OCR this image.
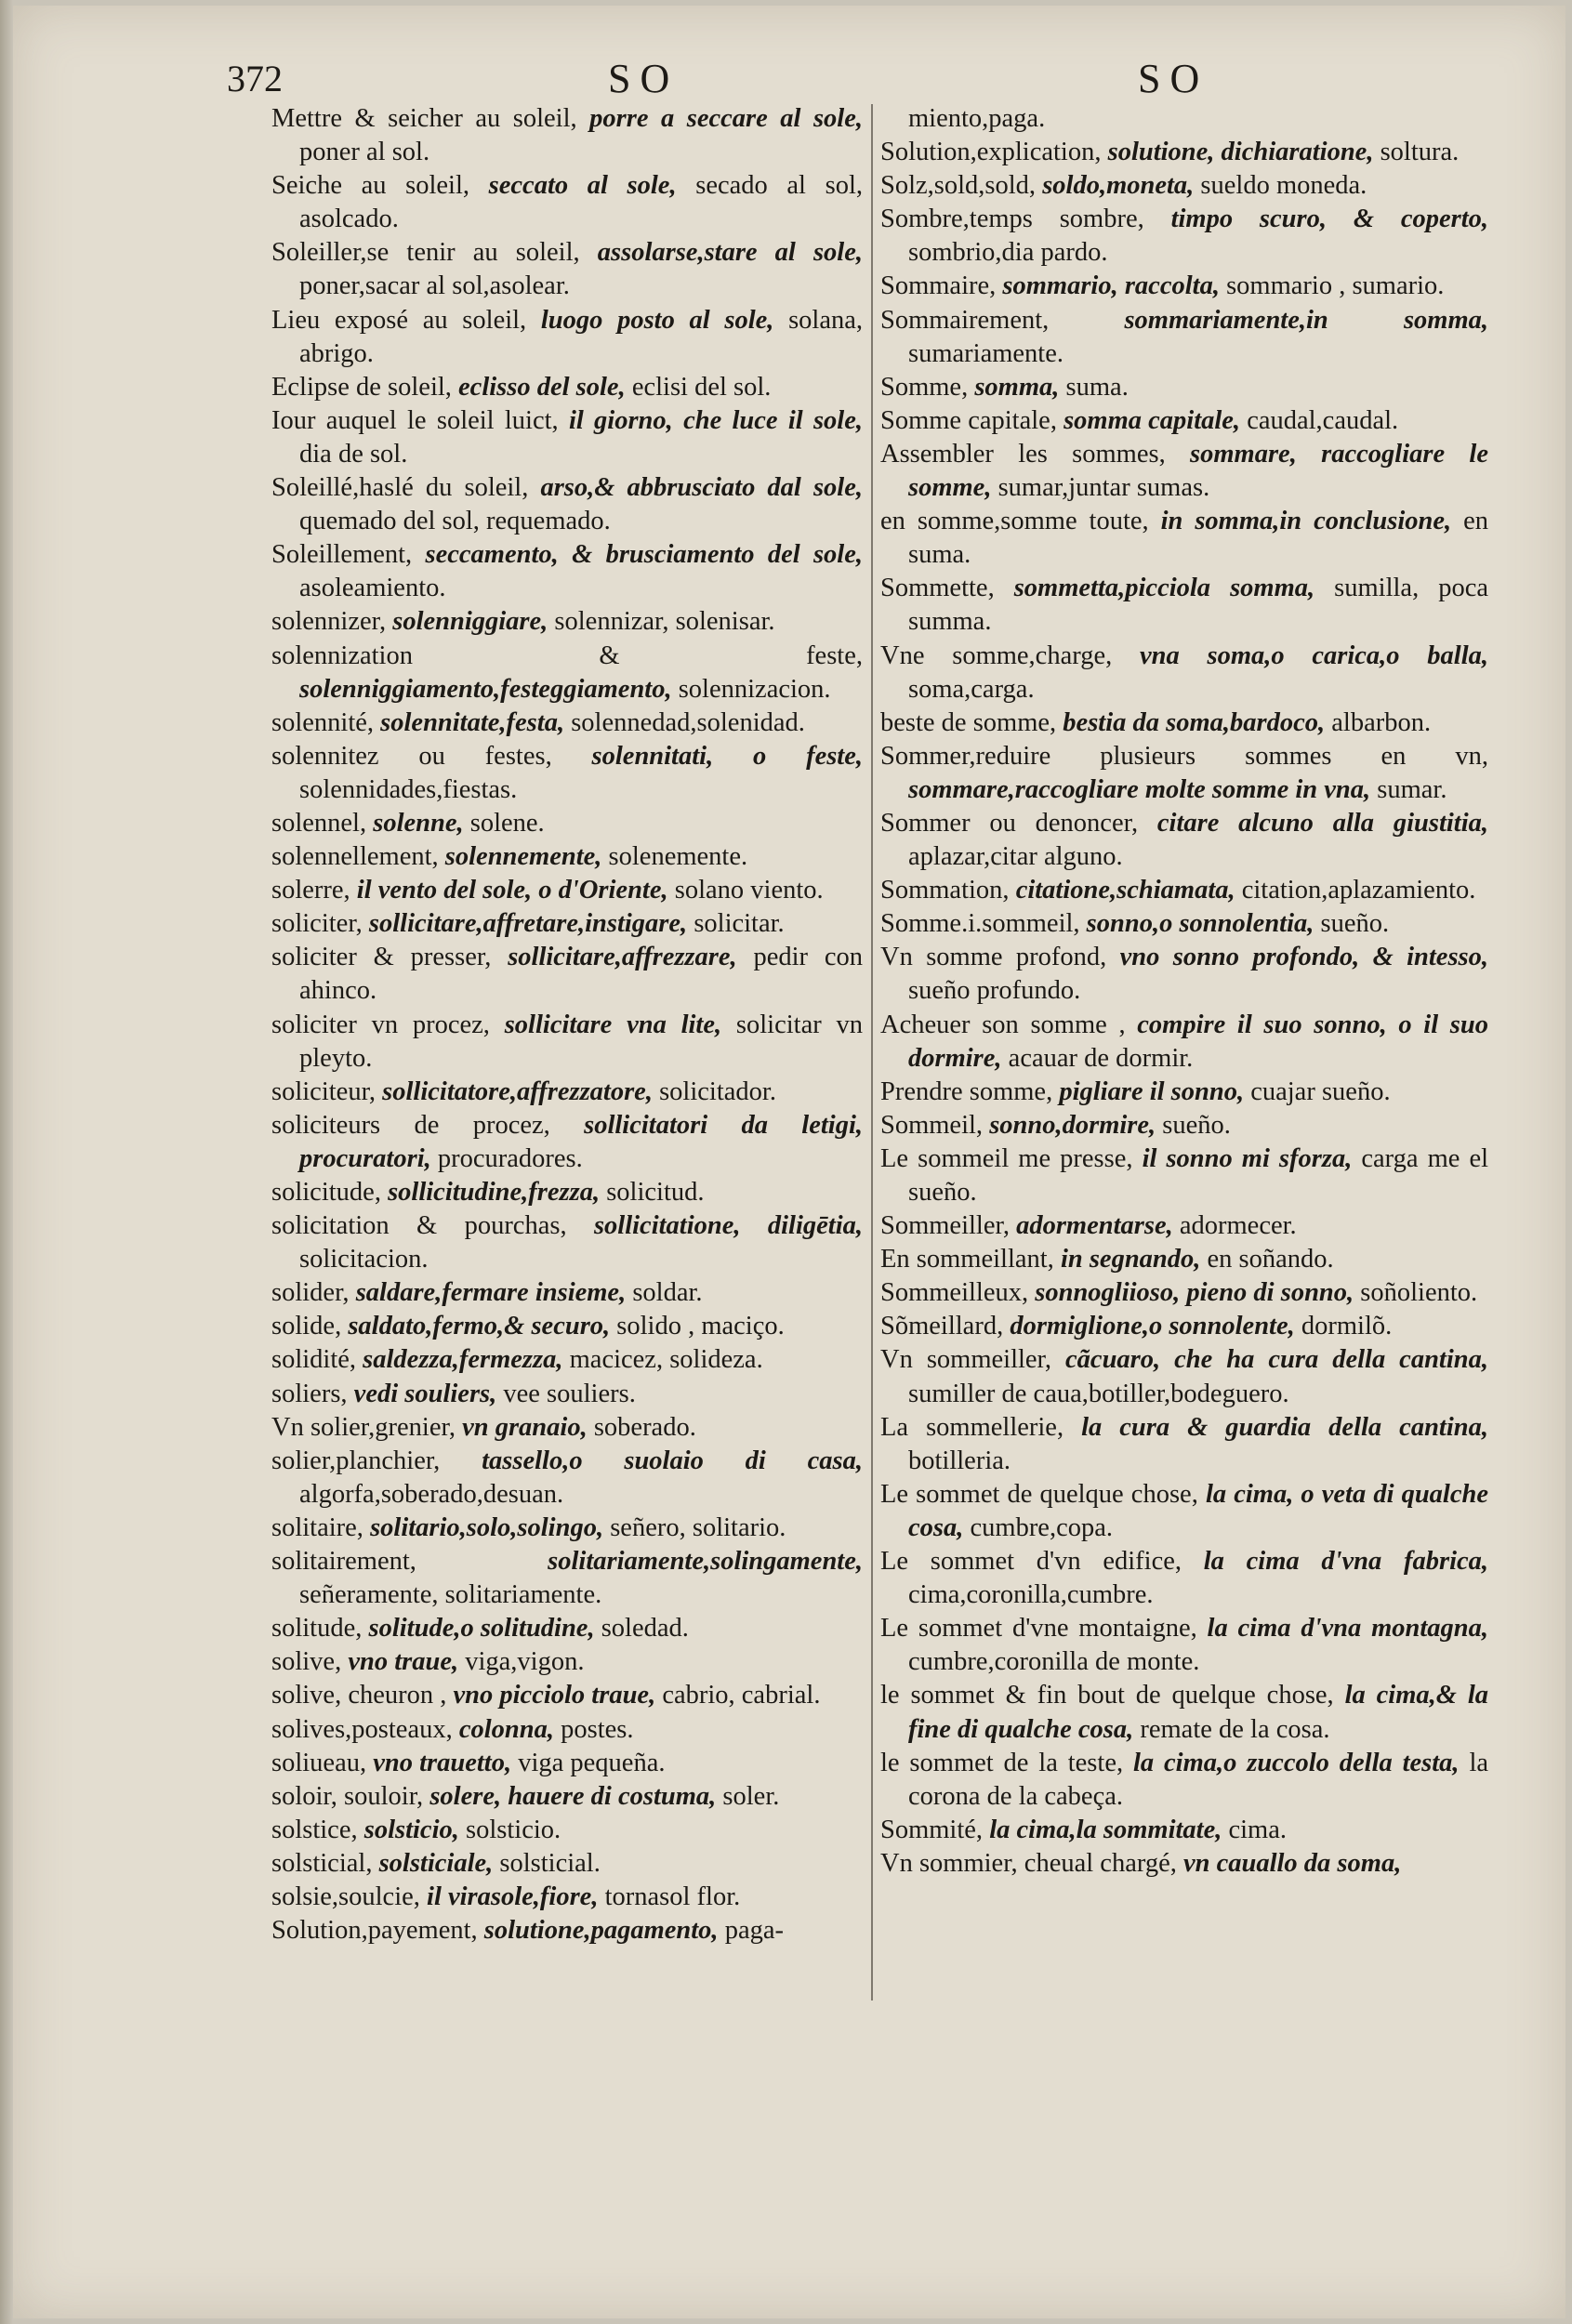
372	SO	SO

Mettre & seicher au soleil, porre a seccare al sole, poner al sol.

Seiche au soleil, seccato al sole, secado al sol, asolcado.

Soleiller,se tenir au soleil, assolarse,stare al sole, poner,sacar al sol,asolear.

Lieu exposé au soleil, luogo posto al sole, solana, abrigo.

Eclipse de soleil, eclisso del sole, eclisi del sol.

Iour auquel le soleil luict, il giorno, che luce il sole, dia de sol.

Soleillé,haslé du soleil, arso,& abbrusciato dal sole, quemado del sol, requemado.

Soleillement, seccamento, & brusciamento del sole, asoleamiento.

solennizer, solenniggiare, solennizar, solenisar.

solennization & feste, solenniggiamento,festeggiamento, solennizacion.

solennité, solennitate,festa, solennedad,solenidad.

solennitez ou festes, solennitati, o feste, solennidades,fiestas.

solennel, solenne, solene.

solennellement, solennemente, solenemente.

solerre, il vento del sole, o d'Oriente, solano viento.

soliciter, sollicitare,affretare,instigare, solicitar.

soliciter & presser, sollicitare,affrezzare, pedir con ahinco.

soliciter vn procez, sollicitare vna lite, solicitar vn pleyto.

soliciteur, sollicitatore,affrezzatore, solicitador.

soliciteurs de procez, sollicitatori da letigi, procuratori, procuradores.

solicitude, sollicitudine,frezza, solicitud.

solicitation & pourchas, sollicitatione, diligētia, solicitacion.

solider, saldare,fermare insieme, soldar.

solide, saldato,fermo,& securo, solido , maciço.

solidité, saldezza,fermezza, macicez, solideza.

soliers, vedi souliers, vee souliers.

Vn solier,grenier, vn granaio, soberado.

solier,planchier, tassello,o suolaio di casa, algorfa,soberado,desuan.

solitaire, solitario,solo,solingo, señero, solitario.

solitairement,	solitariamente,solingamente, señeramente, solitariamente.

solitude, solitude,o solitudine, soledad.

solive, vno traue, viga,vigon.

solive, cheuron , vno picciolo traue, cabrio, cabrial.

solives,posteaux, colonna, postes.

soliueau, vno trauetto, viga pequeña.

soloir, souloir, solere, hauere di costuma, soler.

solstice, solsticio, solsticio.

solsticial, solsticiale, solsticial.

solsie,soulcie, il virasole,fiore, tornasol flor.

Solution,payement, solutione,pagamento, paga-

miento,paga.

Solution,explication, solutione, dichiaratione, soltura.

Solz,sold,sold, soldo,moneta, sueldo moneda.

Sombre,temps sombre, timpo scuro, & coperto, sombrio,dia pardo.

Sommaire, sommario, raccolta, sommario , sumario.

Sommairement,	sommariamente,in somma, sumariamente.

Somme, somma, suma.

Somme capitale, somma capitale, caudal,caudal.

Assembler les sommes, sommare, raccogliare le somme, sumar,juntar sumas.

en somme,somme toute, in somma,in conclusione, en suma.

Sommette, sommetta,picciola somma, sumilla, poca summa.

Vne somme,charge, vna soma,o carica,o balla, soma,carga.

beste de somme, bestia da soma,bardoco, albarbon.

Sommer,reduire plusieurs sommes en vn, sommare,raccogliare molte somme in vna, sumar.

Sommer ou denoncer, citare alcuno alla giustitia, aplazar,citar alguno.

Sommation, citatione,schiamata, citation,aplazamiento.

Somme.i.sommeil, sonno,o sonnolentia, sueño.

Vn somme profond, vno sonno profondo, & intesso, sueño profundo.

Acheuer son somme , compire il suo sonno, o il suo dormire, acauar de dormir.

Prendre somme, pigliare il sonno, cuajar sueño.

Sommeil, sonno,dormire, sueño.

Le sommeil me presse, il sonno mi sforza, carga me el sueño.

Sommeiller, adormentarse, adormecer.

En sommeillant, in segnando, en soñando.

Sommeilleux, sonnogliioso, pieno di sonno, soñoliento.

Sõmeillard, dormiglione,o sonnolente, dormilõ.

Vn sommeiller, cãcuaro, che ha cura della cantina, sumiller de caua,botiller,bodeguero.

La sommellerie, la cura & guardia della cantina, botilleria.

Le sommet de quelque chose, la cima, o veta di qualche cosa, cumbre,copa.

Le sommet d'vn edifice, la cima d'vna fabrica, cima,coronilla,cumbre.

Le sommet d'vne montaigne, la cima d'vna montagna, cumbre,coronilla de monte.

le sommet & fin bout de quelque chose, la cima,& la fine di qualche cosa, remate de la cosa.

le sommet de la teste, la cima,o zuccolo della testa, la corona de la cabeça.

Sommité, la cima,la sommitate, cima.

Vn sommier, cheual chargé, vn cauallo da soma,
